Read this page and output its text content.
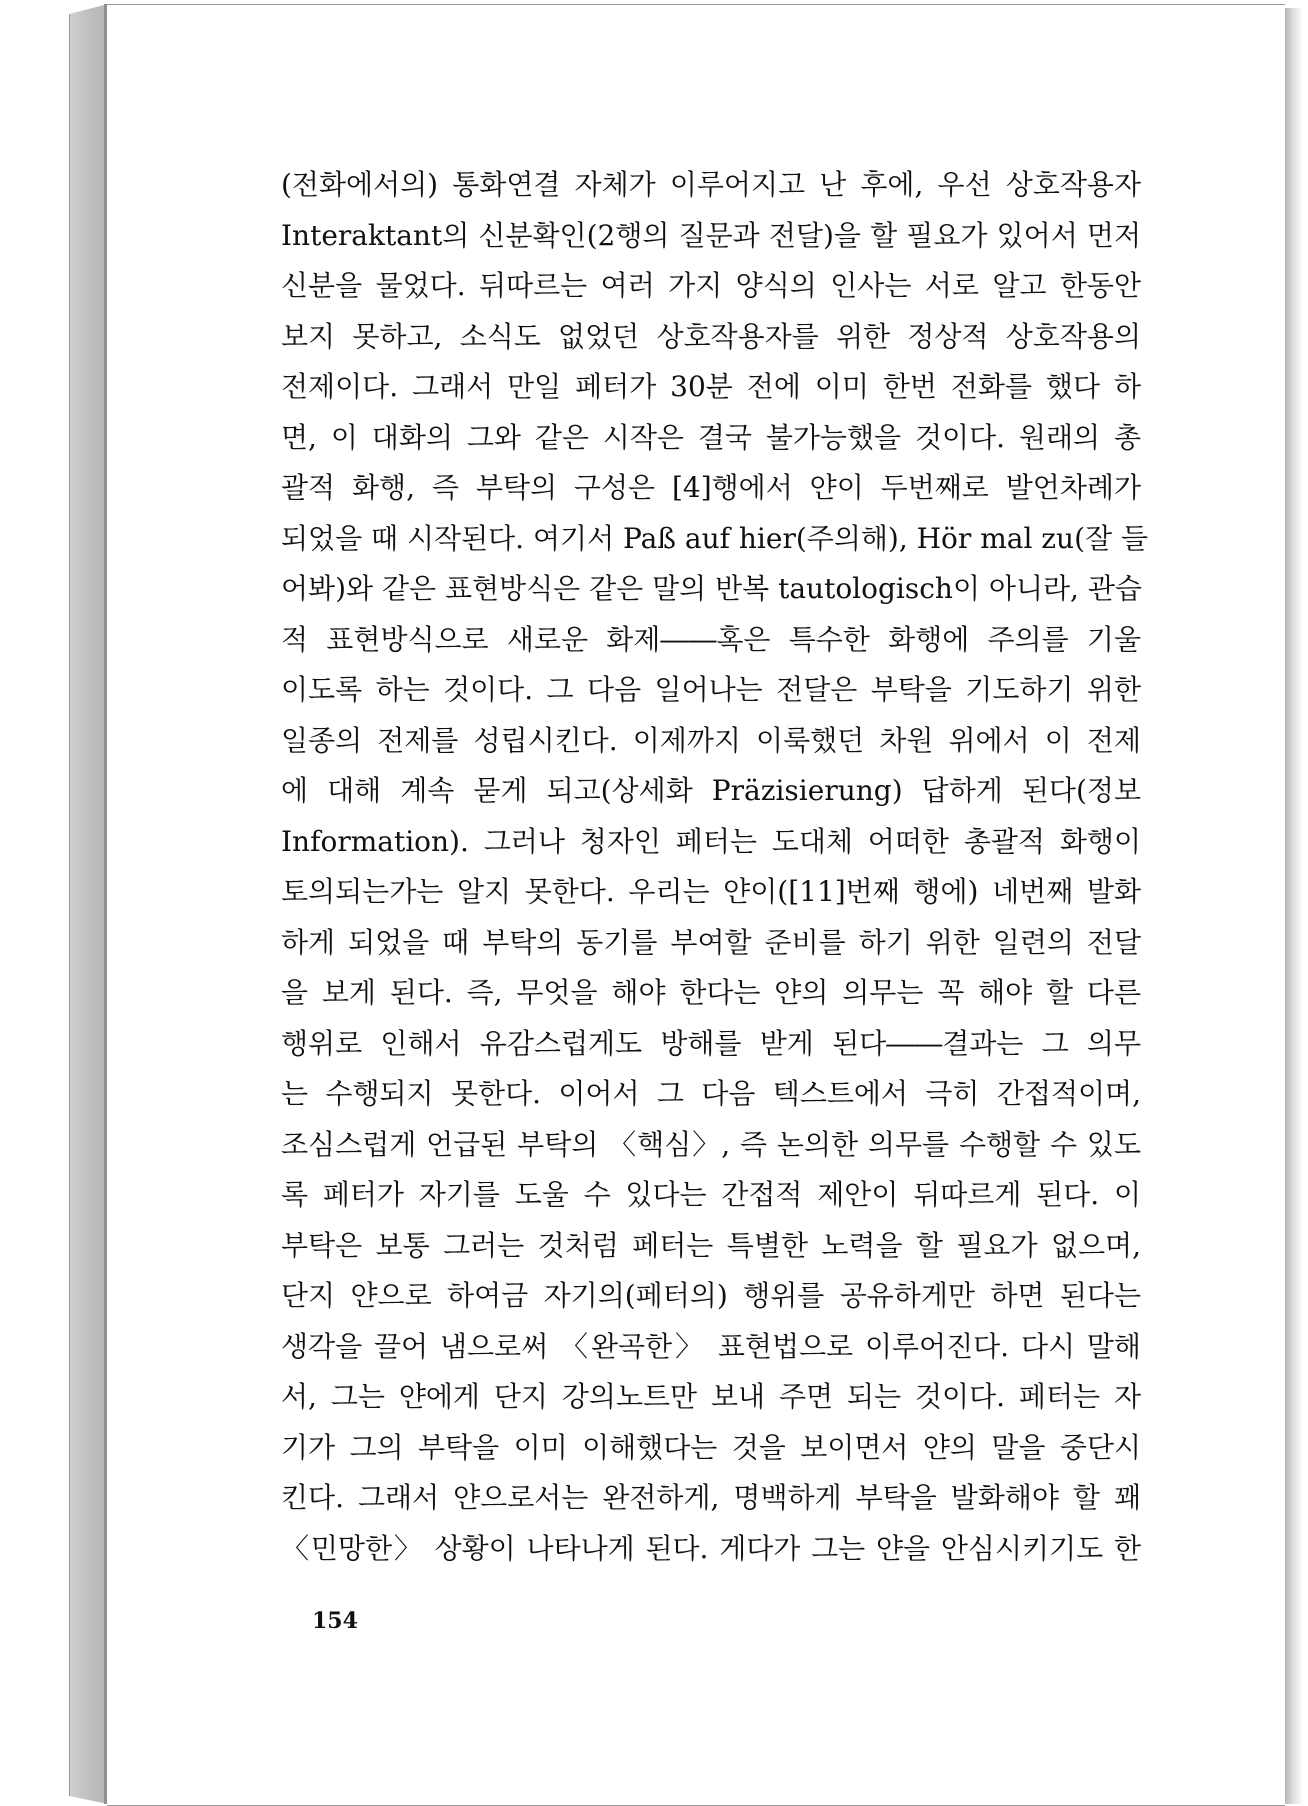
(전화에서의) 통화연결 자체가 이루어지고 난 후에, 우선 상호작용자
Interaktant의 신분확인(2행의 질문과 전달)을 할 필요가 있어서 먼저
신분을 물었다. 뒤따르는 여러 가지 양식의 인사는 서로 알고 한동안
보지 못하고, 소식도 없었던 상호작용자를 위한 정상적 상호작용의
전제이다. 그래서 만일 페터가 30분 전에 이미 한번 전화를 했다 하
면, 이 대화의 그와 같은 시작은 결국 불가능했을 것이다. 원래의 총
괄적 화행, 즉 부탁의 구성은 [4]행에서 얀이 두번째로 발언차례가
되었을 때 시작된다. 여기서 Paß auf hier(주의해), Hör mal zu(잘 들
어봐)와 같은 표현방식은 같은 말의 반복 tautologisch이 아니라, 관습
적 표현방식으로 새로운 화제――혹은 특수한 화행에 주의를 기울
이도록 하는 것이다. 그 다음 일어나는 전달은 부탁을 기도하기 위한
일종의 전제를 성립시킨다. 이제까지 이룩했던 차원 위에서 이 전제
에 대해 계속 묻게 되고(상세화 Präzisierung) 답하게 된다(정보
Information). 그러나 청자인 페터는 도대체 어떠한 총괄적 화행이
토의되는가는 알지 못한다. 우리는 얀이([11]번째 행에) 네번째 발화
하게 되었을 때 부탁의 동기를 부여할 준비를 하기 위한 일련의 전달
을 보게 된다. 즉, 무엇을 해야 한다는 얀의 의무는 꼭 해야 할 다른
행위로 인해서 유감스럽게도 방해를 받게 된다――결과는 그 의무
는 수행되지 못한다. 이어서 그 다음 텍스트에서 극히 간접적이며,
조심스럽게 언급된 부탁의 〈핵심〉, 즉 논의한 의무를 수행할 수 있도
록 페터가 자기를 도울 수 있다는 간접적 제안이 뒤따르게 된다. 이
부탁은 보통 그러는 것처럼 페터는 특별한 노력을 할 필요가 없으며,
단지 얀으로 하여금 자기의(페터의) 행위를 공유하게만 하면 된다는
생각을 끌어 냄으로써 〈완곡한〉 표현법으로 이루어진다. 다시 말해
서, 그는 얀에게 단지 강의노트만 보내 주면 되는 것이다. 페터는 자
기가 그의 부탁을 이미 이해했다는 것을 보이면서 얀의 말을 중단시
킨다. 그래서 얀으로서는 완전하게, 명백하게 부탁을 발화해야 할 꽤
〈민망한〉 상황이 나타나게 된다. 게다가 그는 얀을 안심시키기도 한

154
